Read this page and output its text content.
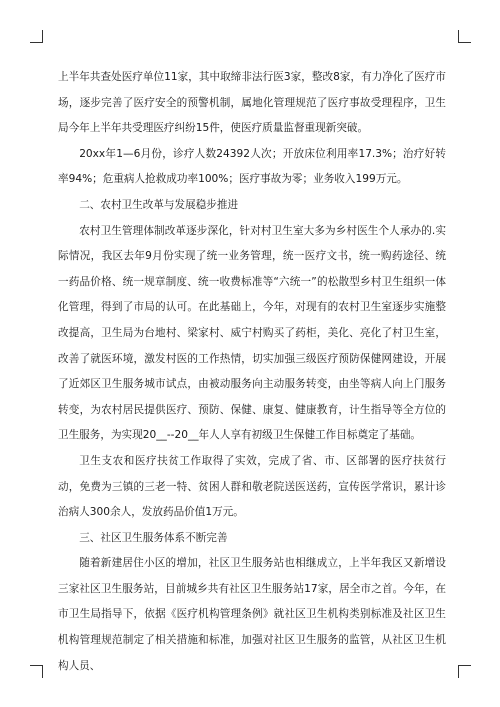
上半年共查处医疗单位11家，其中取缔非法行医3家，整改8家，有力净化了医疗市场，逐步完善了医疗安全的预警机制，属地化管理规范了医疗事故受理程序，卫生局今年上半年共受理医疗纠纷15件，使医疗质量监督重现新突破。

20xx年1—6月份，诊疗人数24392人次；开放床位利用率17.3%；治疗好转率94%；危重病人抢救成功率100%；医疗事故为零；业务收入199万元。

二、农村卫生改革与发展稳步推进

农村卫生管理体制改革逐步深化，针对村卫生室大多为乡村医生个人承办的.实际情况，我区去年9月份实现了统一业务管理，统一医疗文书，统一购药途径、统一药品价格、统一规章制度、统一收费标准等“六统一”的松散型乡村卫生组织一体化管理，得到了市局的认可。在此基础上，今年，对现有的农村卫生室逐步实施整改提高，卫生局为台地村、梁家村、威宁村购买了药柜，美化、亮化了村卫生室，改善了就医环境，激发村医的工作热情，切实加强三级医疗预防保健网建设，开展了近郊区卫生服务城市试点，由被动服务向主动服务转变，由坐等病人向上门服务转变，为农村居民提供医疗、预防、保健、康复、健康教育，计生指导等全方位的卫生服务，为实现20__--20__年人人享有初级卫生保健工作目标奠定了基础。

卫生支农和医疗扶贫工作取得了实效，完成了省、市、区部署的医疗扶贫行动，免费为三镇的三老一特、贫困人群和敬老院送医送药，宣传医学常识，累计诊治病人300余人，发放药品价值1万元。

三、社区卫生服务体系不断完善

随着新建居住小区的增加，社区卫生服务站也相继成立，上半年我区又新增设三家社区卫生服务站，目前城乡共有社区卫生服务站17家，居全市之首。今年，在市卫生局指导下，依据《医疗机构管理条例》就社区卫生机构类别标准及社区卫生机构管理规范制定了相关措施和标准，加强对社区卫生服务的监管，从社区卫生机构人员、
